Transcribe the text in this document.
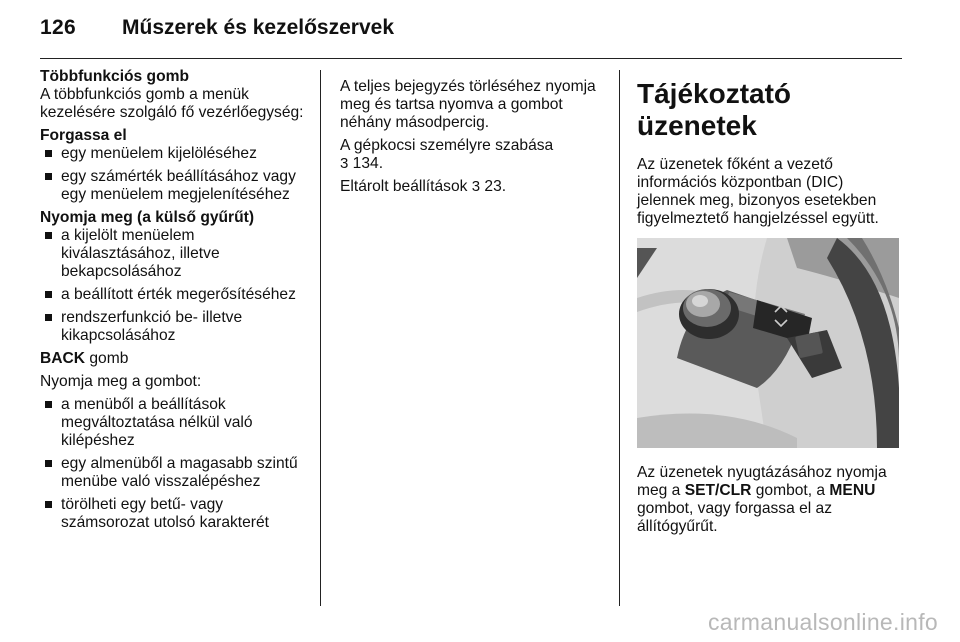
126 Műszerek és kezelőszervek

Többfunkciós gomb

A többfunkciós gomb a menük kezelésére szolgáló fő vezérlőegység:

Forgassa el

egy menüelem kijelöléséhez
egy számérték beállításához vagy egy menüelem megjelenítéséhez

Nyomja meg (a külső gyűrűt)

a kijelölt menüelem kiválasztásához, illetve bekapcsolásához
a beállított érték megerősítéséhez
rendszerfunkció be- illetve kikapcsolásához

BACK gomb

Nyomja meg a gombot:

a menüből a beállítások megváltoztatása nélkül való kilépéshez
egy almenüből a magasabb szintű menübe való visszalépéshez
törölheti egy betű- vagy számsorozat utolsó karakterét

A teljes bejegyzés törléséhez nyomja meg és tartsa nyomva a gombot néhány másodpercig.

A gépkocsi személyre szabása
3 134.

Eltárolt beállítások 3 23.

Tájékoztató üzenetek

Az üzenetek főként a vezető információs központban (DIC) jelennek meg, bizonyos esetekben figyelmeztető hangjelzéssel együtt.

Az üzenetek nyugtázásához nyomja meg a SET/CLR gombot, a MENU gombot, vagy forgassa el az állítógyűrűt.

carmanualsonline.info
